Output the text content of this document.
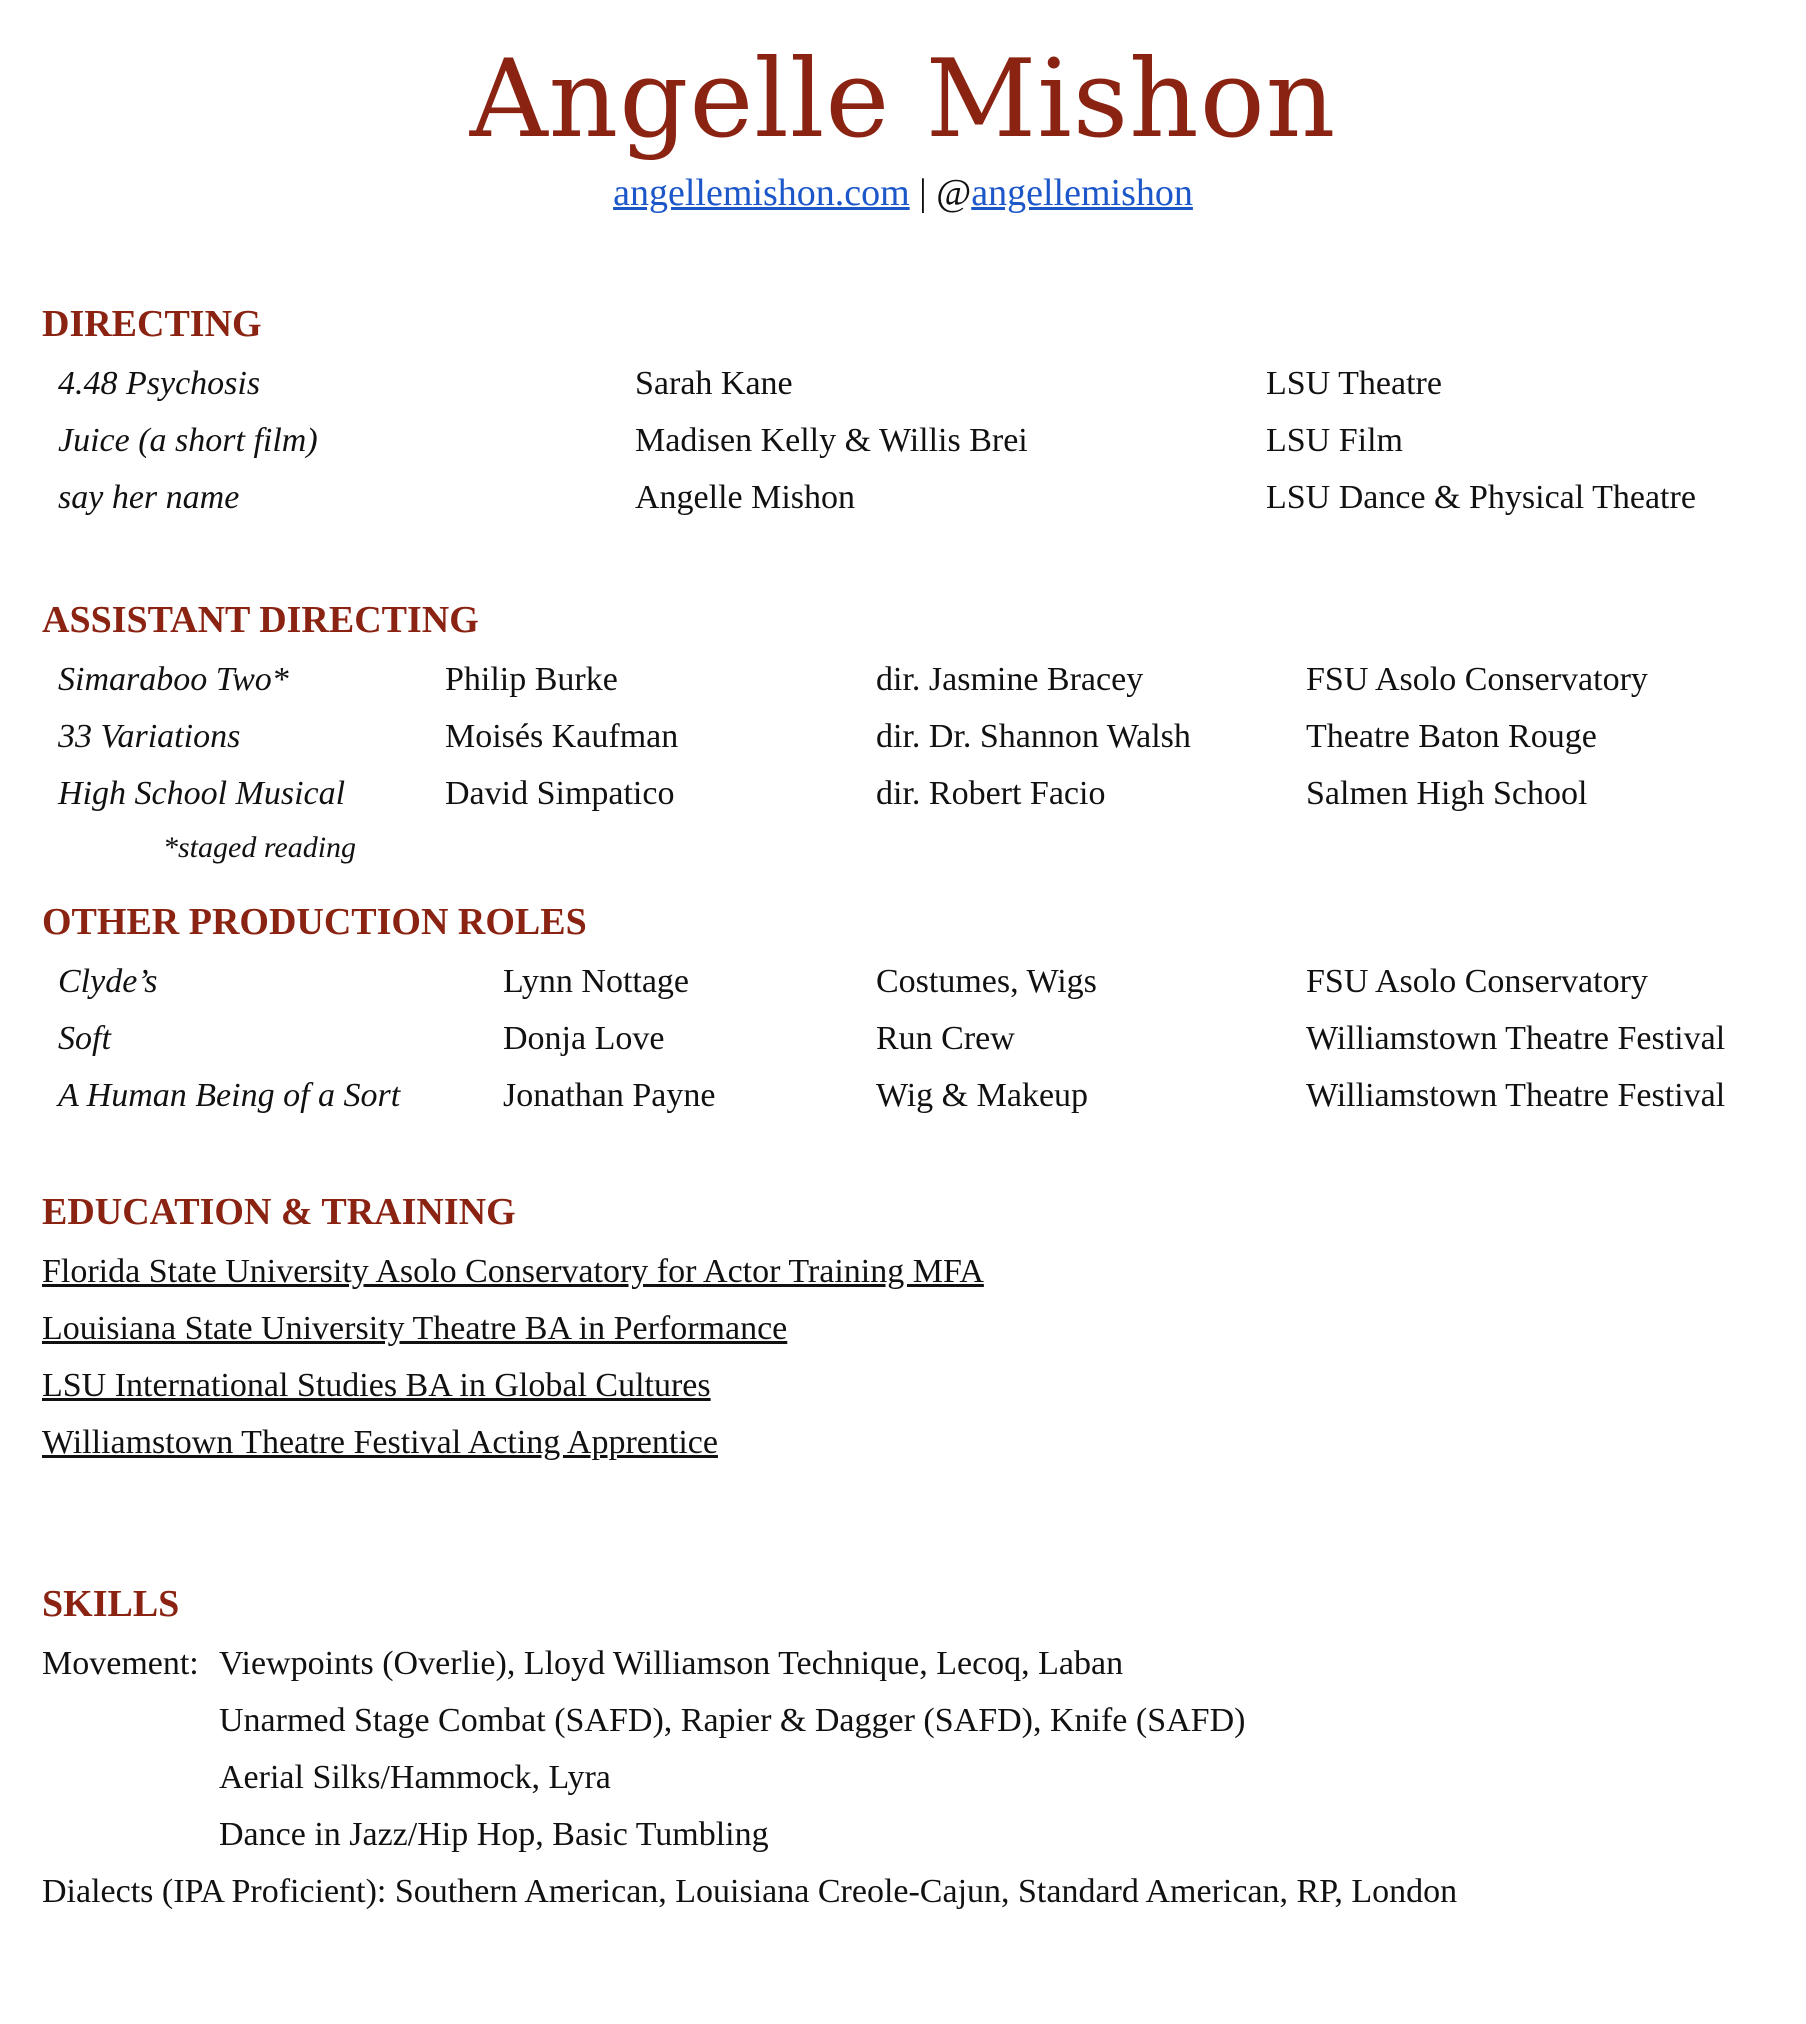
Angelle Mishon
angellemishon.com | @angellemishon
DIRECTING
4.48 Psychosis	Sarah Kane	LSU Theatre
Juice (a short film)	Madisen Kelly & Willis Brei	LSU Film
say her name	Angelle Mishon	LSU Dance & Physical Theatre
ASSISTANT DIRECTING
Simaraboo Two*	Philip Burke	dir. Jasmine Bracey	FSU Asolo Conservatory
33 Variations	Moisés Kaufman	dir. Dr. Shannon Walsh	Theatre Baton Rouge
High School Musical	David Simpatico	dir. Robert Facio	Salmen High School
*staged reading
OTHER PRODUCTION ROLES
Clyde’s	Lynn Nottage	Costumes, Wigs	FSU Asolo Conservatory
Soft	Donja Love	Run Crew	Williamstown Theatre Festival
A Human Being of a Sort	Jonathan Payne	Wig & Makeup	Williamstown Theatre Festival
EDUCATION & TRAINING
Florida State University Asolo Conservatory for Actor Training MFA
Louisiana State University Theatre BA in Performance
LSU International Studies BA in Global Cultures
Williamstown Theatre Festival Acting Apprentice
SKILLS
Movement: Viewpoints (Overlie), Lloyd Williamson Technique, Lecoq, Laban
Unarmed Stage Combat (SAFD), Rapier & Dagger (SAFD), Knife (SAFD)
Aerial Silks/Hammock, Lyra
Dance in Jazz/Hip Hop, Basic Tumbling
Dialects (IPA Proficient): Southern American, Louisiana Creole-Cajun, Standard American, RP, London
